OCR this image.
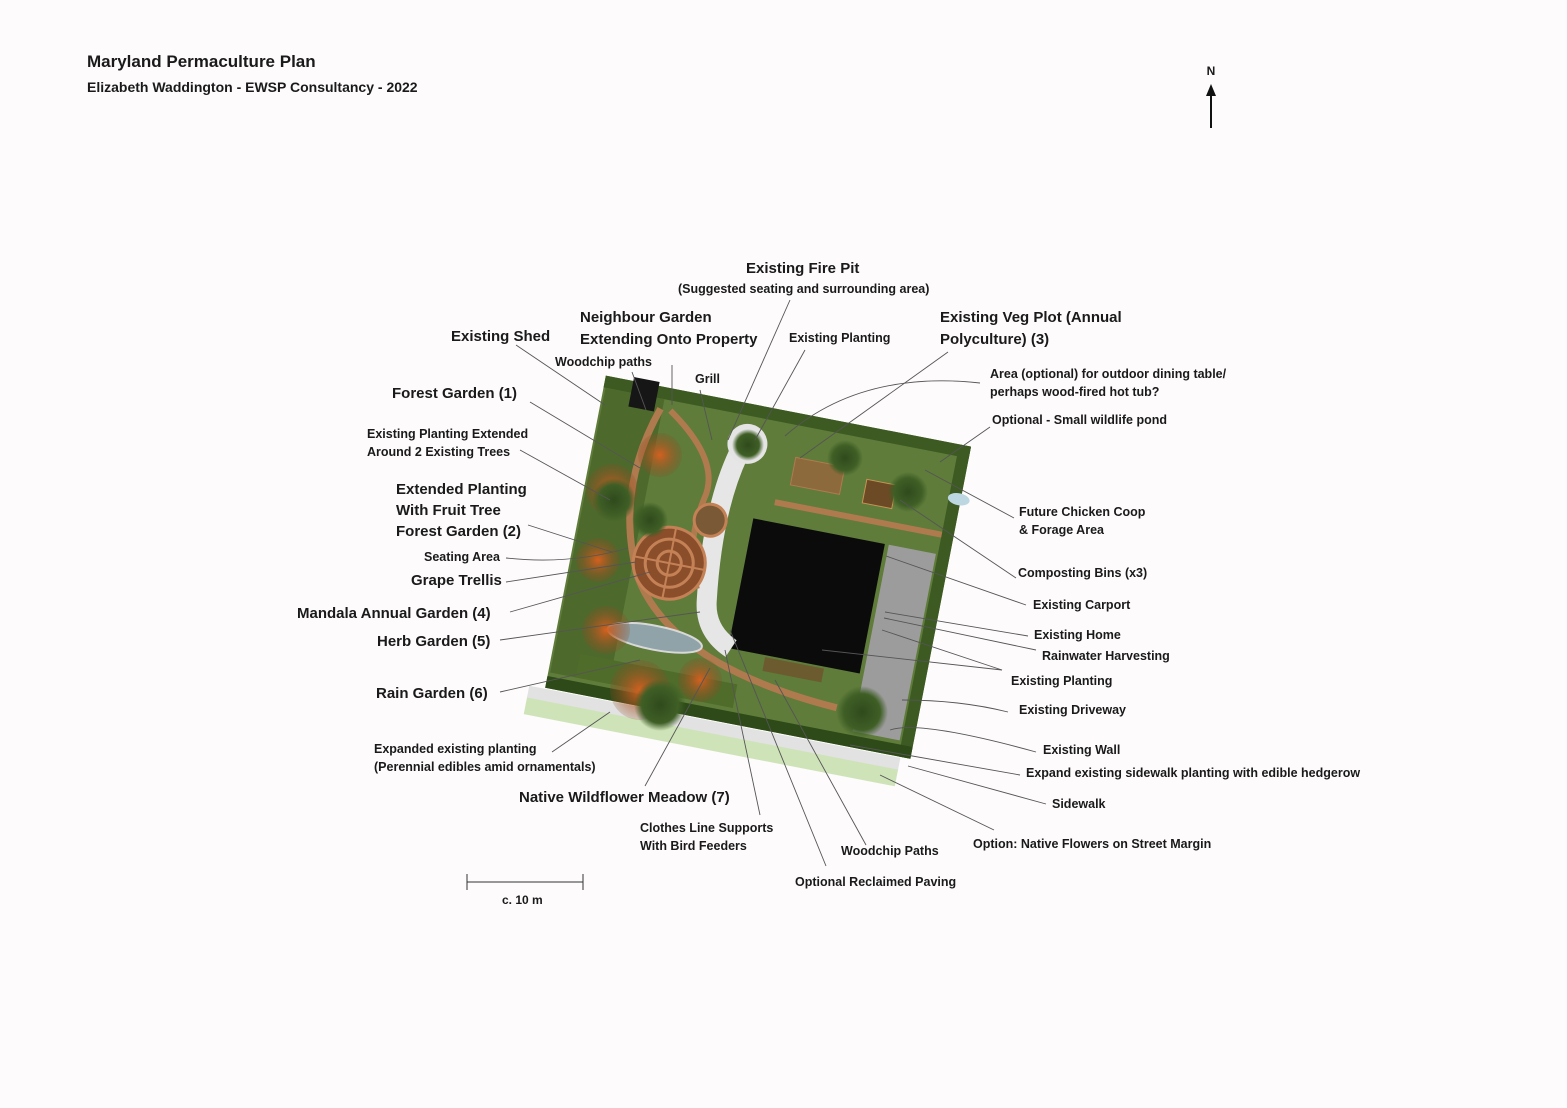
Maryland Permaculture Plan
Elizabeth Waddington - EWSP Consultancy - 2022
N
Existing Fire Pit
(Suggested seating and surrounding area)
Neighbour Garden
Extending Onto Property	Existing Planting
Existing Veg Plot (Annual
Polyculture) (3)
Existing Shed
Woodchip paths
Grill	Area (optional) for outdoor dining table/
perhaps wood-fired hot tub?
Optional - Small wildlife pond
Forest Garden (1)
Existing Planting Extended
Around 2 Existing Trees
Extended Planting
With Fruit Tree
Forest Garden (2)
Seating Area
Grape Trellis
Mandala Annual Garden (4)
Herb Garden (5)
Rain Garden (6)
Expanded existing planting
(Perennial edibles amid ornamentals)
Native Wildflower Meadow (7)
Clothes Line Supports
With Bird Feeders
Optional Reclaimed Paving
Woodchip Paths
Future Chicken Coop
& Forage Area
Composting Bins (x3)
Existing Carport
Existing Home
Rainwater Harvesting
Existing Planting
Existing Driveway
Existing Wall
Expand existing sidewalk planting with edible hedgerow
Sidewalk
Option: Native Flowers on Street Margin
c. 10 m
